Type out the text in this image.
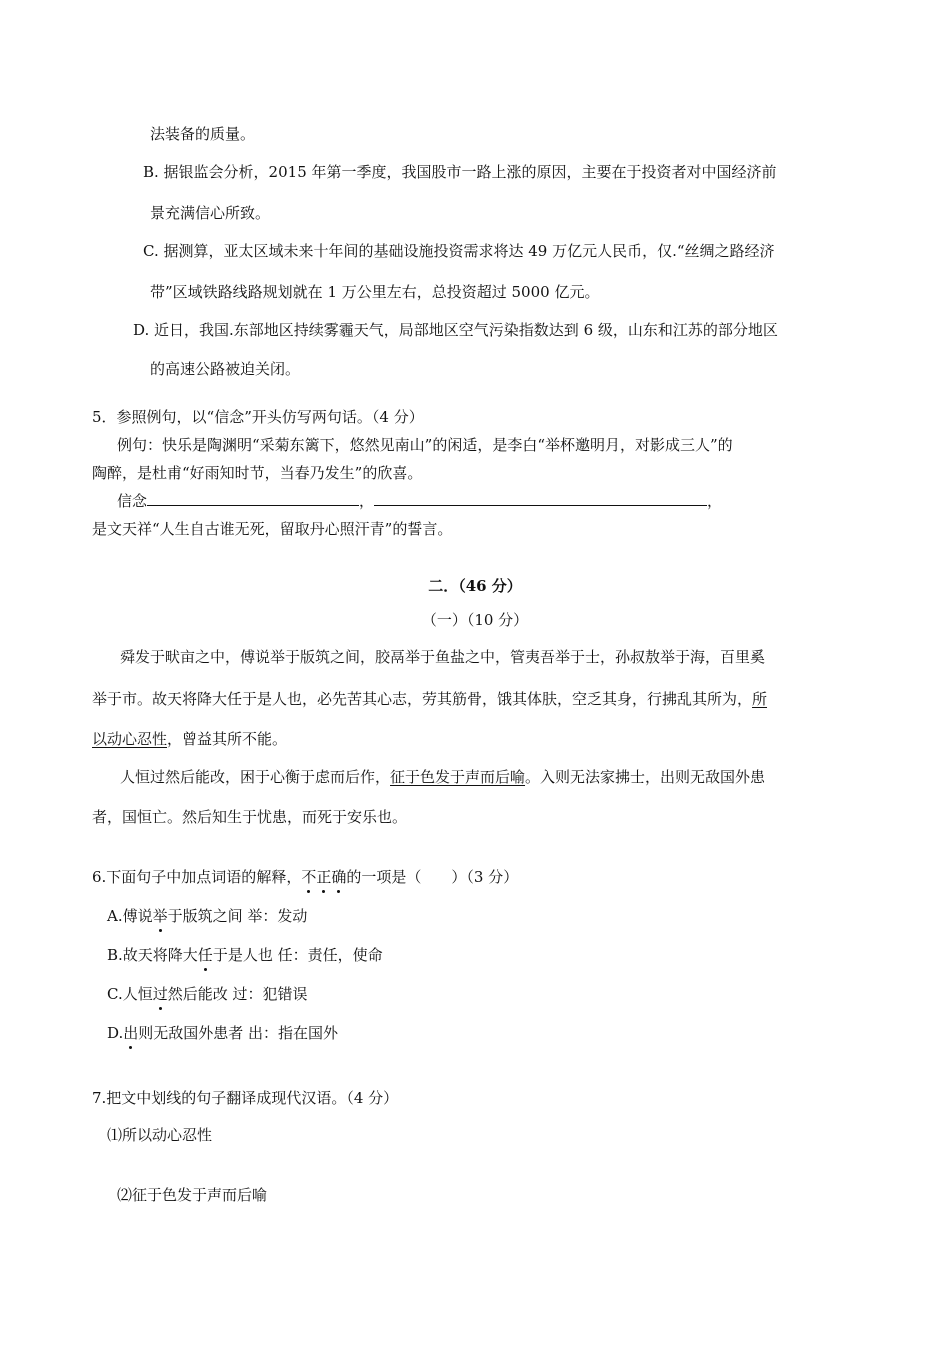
法装备的质量。
B. 据银监会分析，2015 年第一季度，我国股市一路上涨的原因，主要在于投资者对中国经济前
景充满信心所致。
C. 据测算，亚太区域未来十年间的基础设施投资需求将达 49 万亿元人民币，仅.“丝绸之路经济
带”区域铁路线路规划就在 1 万公里左右，总投资超过 5000 亿元。
D. 近日，我国.东部地区持续雾霾天气，局部地区空气污染指数达到 6 级，山东和江苏的部分地区
的高速公路被迫关闭。
5．参照例句，以“信念”开头仿写两句话。（4 分）
例句：快乐是陶渊明“采菊东篱下，悠然见南山”的闲适，是李白“举杯邀明月，对影成三人”的
陶醉，是杜甫“好雨知时节，当春乃发生”的欣喜。
信念	，	，
是文天祥“人生自古谁无死，留取丹心照汗青”的誓言。
二．（46 分）
（一）（10 分）
舜发于畎亩之中，傅说举于版筑之间，胶鬲举于鱼盐之中，管夷吾举于士，孙叔敖举于海，百里奚
举于市。故天将降大任于是人也，必先苦其心志，劳其筋骨，饿其体肤，空乏其身，行拂乱其所为，所
以动心忍性，曾益其所不能。
人恒过然后能改，困于心衡于虑而后作，征于色发于声而后喻。入则无法家拂士，出则无敌国外患
者，国恒亡。然后知生于忧患，而死于安乐也。
6.下面句子中加点词语的解释，不正确的一项是（　　）（3 分）
A.傅说举于版筑之间 举：发动
B.故天将降大任于是人也 任：责任，使命
C.人恒过然后能改 过：犯错误
D.出则无敌国外患者 出：指在国外
7.把文中划线的句子翻译成现代汉语。（4 分）
⑴所以动心忍性
⑵征于色发于声而后喻
